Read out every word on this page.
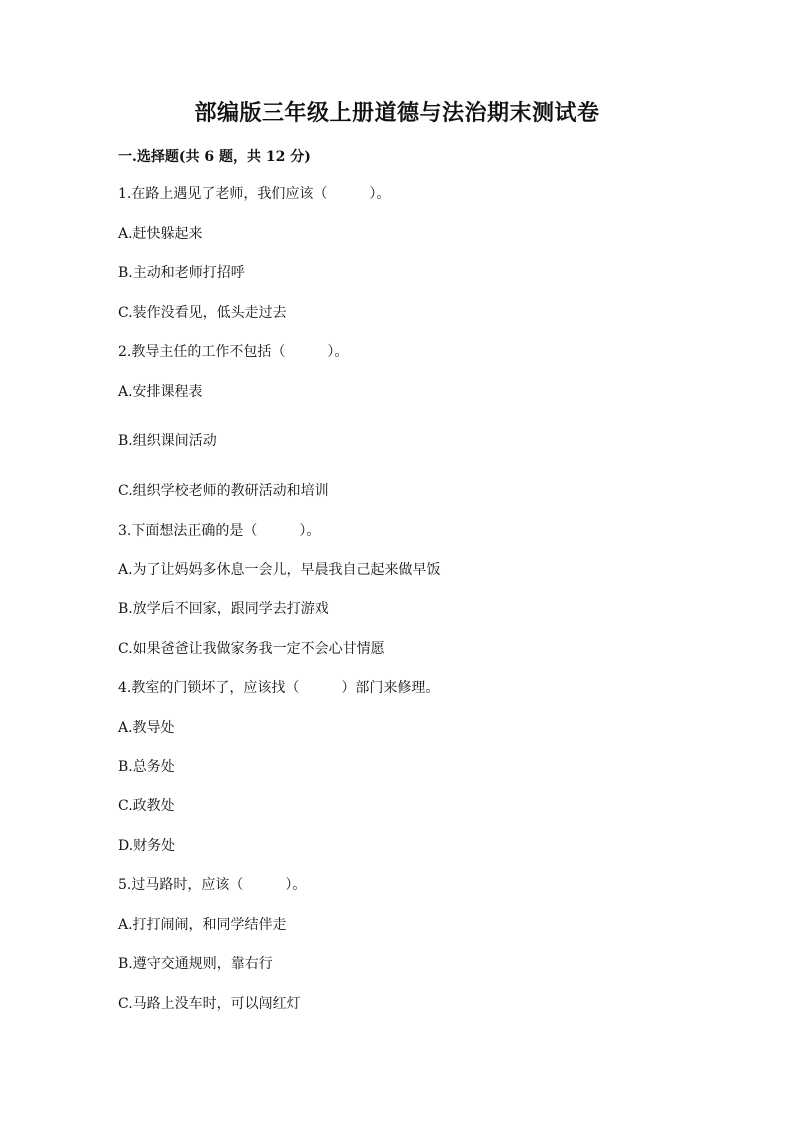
部编版三年级上册道德与法治期末测试卷
一.选择题(共 6 题，共 12 分)
1.在路上遇见了老师，我们应该（　　　）。
A.赶快躲起来
B.主动和老师打招呼
C.装作没看见，低头走过去
2.教导主任的工作不包括（　　　）。
A.安排课程表
B.组织课间活动
C.组织学校老师的教研活动和培训
3.下面想法正确的是（　　　）。
A.为了让妈妈多休息一会儿，早晨我自己起来做早饭
B.放学后不回家，跟同学去打游戏
C.如果爸爸让我做家务我一定不会心甘情愿
4.教室的门锁坏了，应该找（　　　）部门来修理。
A.教导处
B.总务处
C.政教处
D.财务处
5.过马路时，应该（　　　）。
A.打打闹闹，和同学结伴走
B.遵守交通规则，靠右行
C.马路上没车时，可以闯红灯
